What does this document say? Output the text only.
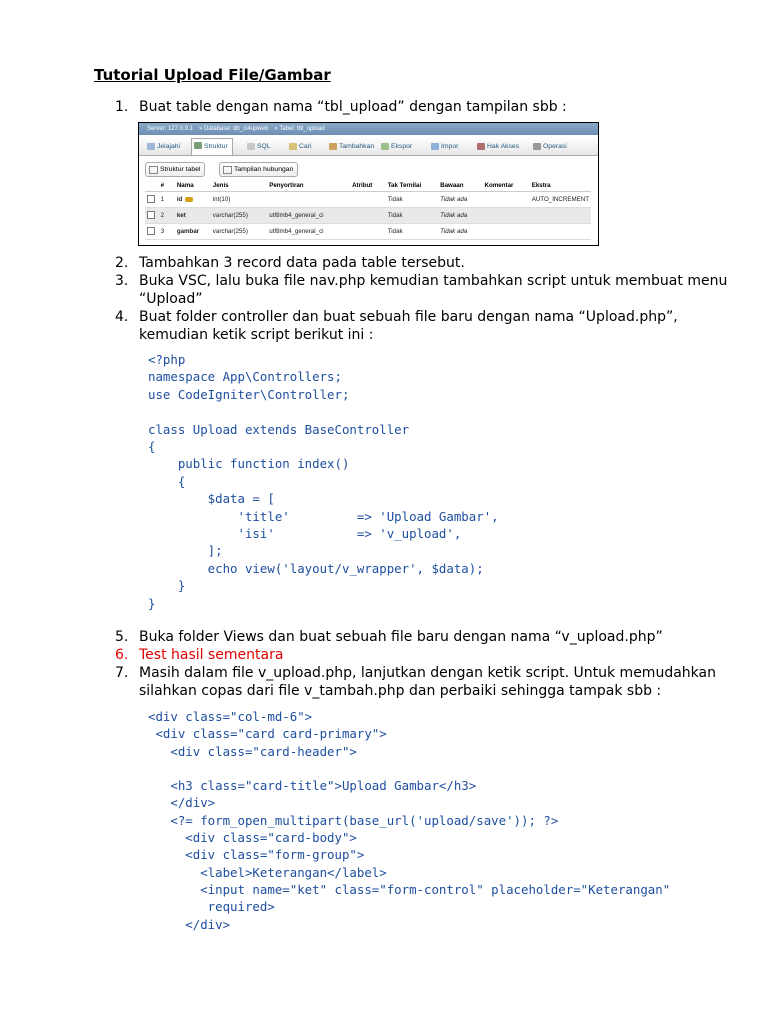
Tutorial Upload File/Gambar
1. Buat table dengan nama “tbl_upload” dengan tampilan sbb :
Server: 127.0.0.1 » Database: db_ci4upweb » Tabel: tbl_upload
Jelajahi	Struktur	SQL	Cari	Tambahkan	Ekspor	Impor	Hak Akses	Operasi
Struktur tabel	Tampilan hubungan
	#	Nama	Jenis	Penyortiran	Atribut	Tak Ternilai	Bawaan	Komentar	Ekstra
	1	id	int(10)			Tidak	Tidak ada		AUTO_INCREMENT
	2	ket	varchar(255)	utf8mb4_general_ci		Tidak	Tidak ada		
	3	gambar	varchar(255)	utf8mb4_general_ci		Tidak	Tidak ada		
2. Tambahkan 3 record data pada table tersebut.
3. Buka VSC, lalu buka file nav.php kemudian tambahkan script untuk membuat menu
“Upload”
4. Buat folder controller dan buat sebuah file baru dengan nama “Upload.php”,
kemudian ketik script berikut ini :
<?php
namespace App\Controllers;
use CodeIgniter\Controller;

class Upload extends BaseController
{
public function index()
{
$data = [
'title'         => 'Upload Gambar',
'isi'           => 'v_upload',
];
echo view('layout/v_wrapper', $data);
}
}
5. Buka folder Views dan buat sebuah file baru dengan nama “v_upload.php”
6. Test hasil sementara
7. Masih dalam file v_upload.php, lanjutkan dengan ketik script. Untuk memudahkan
silahkan copas dari file v_tambah.php dan perbaiki sehingga tampak sbb :
<div class="col-md-6">
<div class="card card-primary">
<div class="card-header">

<h3 class="card-title">Upload Gambar</h3>
</div>
<?= form_open_multipart(base_url('upload/save')); ?>
<div class="card-body">
<div class="form-group">
<label>Keterangan</label>
<input name="ket" class="form-control" placeholder="Keterangan"
required>
</div>
